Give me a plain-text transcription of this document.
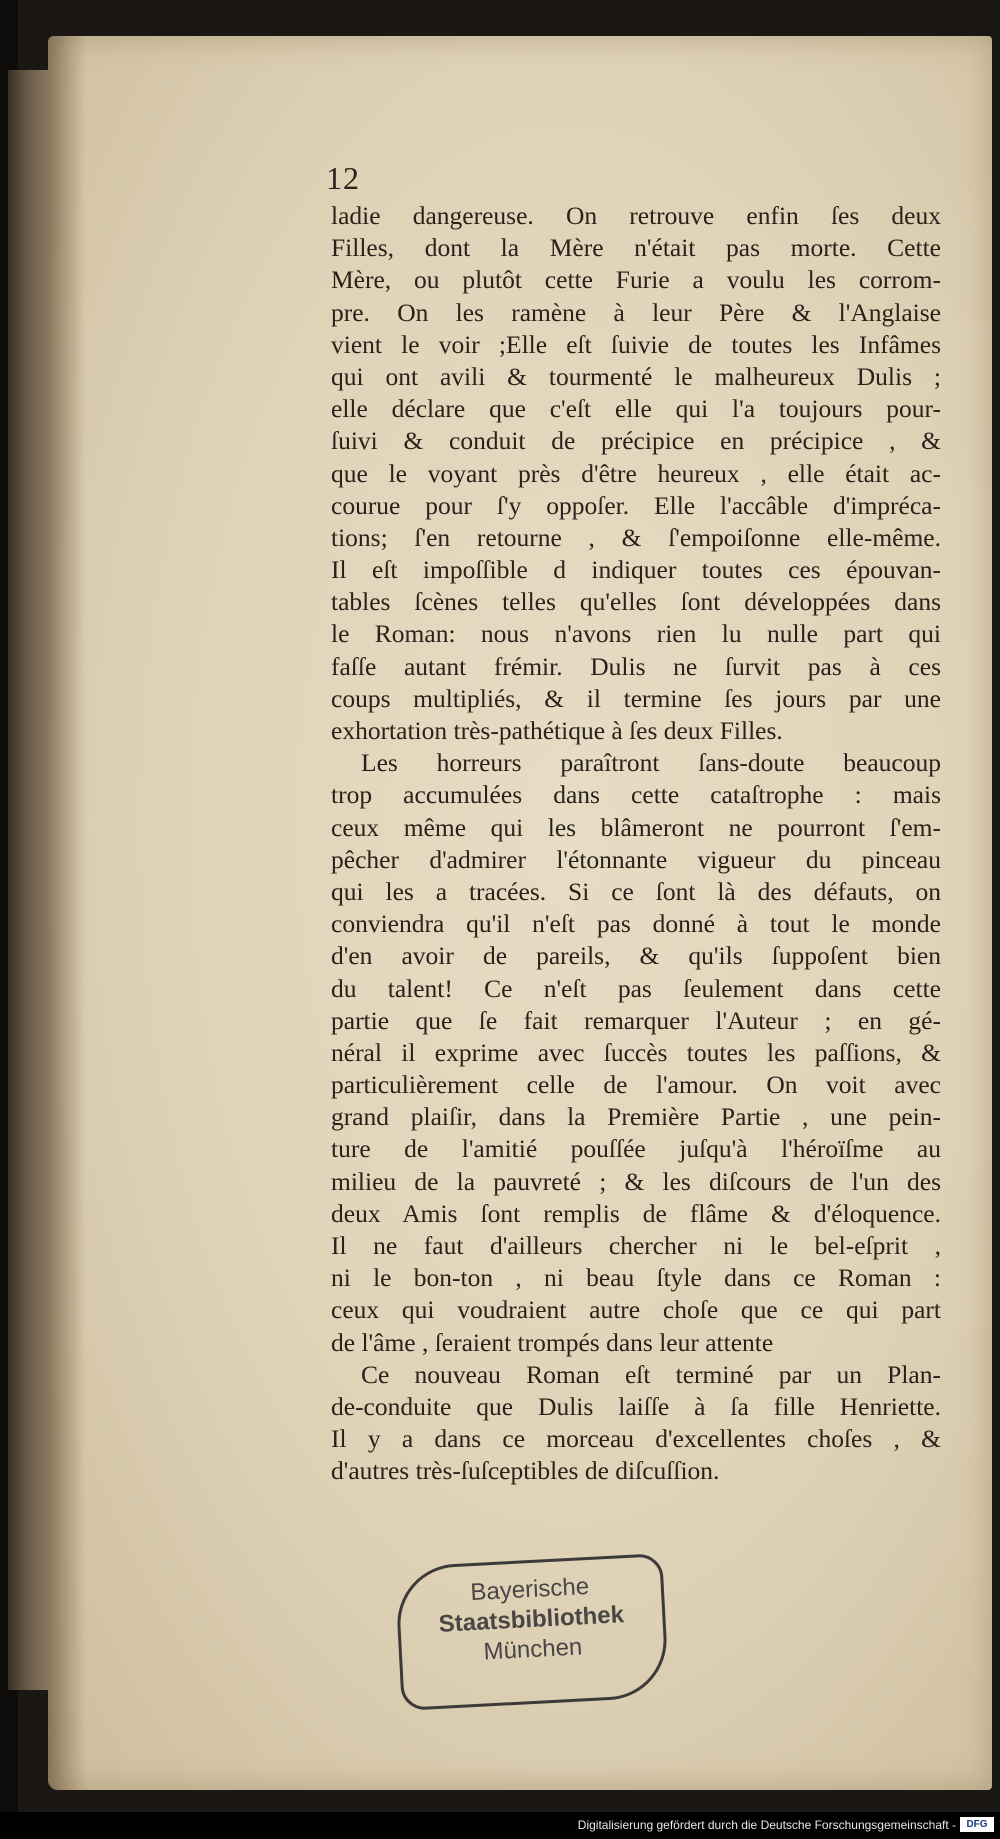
12
ladie dangereuse. On retrouve enfin ſes deux
Filles, dont la Mère n'était pas morte. Cette
Mère, ou plutôt cette Furie a voulu les corrom-
pre. On les ramène à leur Père & l'Anglaise
vient le voir ;Elle eſt ſuivie de toutes les Infâmes
qui ont avili & tourmenté le malheureux Dulis ;
elle déclare que c'eſt elle qui l'a toujours pour-
ſuivi & conduit de précipice en précipice , &
que le voyant près d'être heureux , elle était ac-
courue pour ſ'y oppoſer. Elle l'accâble d'impréca-
tions; ſ'en retourne , & ſ'empoiſonne elle-même.
Il eſt impoſſible d indiquer toutes ces épouvan-
tables ſcènes telles qu'elles ſont développées dans
le Roman: nous n'avons rien lu nulle part qui
faſſe autant frémir. Dulis ne ſurvit pas à ces
coups multipliés, & il termine ſes jours par une
exhortation très-pathétique à ſes deux Filles.
Les horreurs paraîtront ſans-doute beaucoup
trop accumulées dans cette cataſtrophe : mais
ceux même qui les blâmeront ne pourront ſ'em-
pêcher d'admirer l'étonnante vigueur du pinceau
qui les a tracées. Si ce ſont là des défauts, on
conviendra qu'il n'eſt pas donné à tout le monde
d'en avoir de pareils, & qu'ils ſuppoſent bien
du talent! Ce n'eſt pas ſeulement dans cette
partie que ſe fait remarquer l'Auteur ; en gé-
néral il exprime avec ſuccès toutes les paſſions, &
particulièrement celle de l'amour. On voit avec
grand plaiſir, dans la Première Partie , une pein-
ture de l'amitié pouſſée juſqu'à l'héroïſme au
milieu de la pauvreté ; & les diſcours de l'un des
deux Amis ſont remplis de flâme & d'éloquence.
Il ne faut d'ailleurs chercher ni le bel-eſprit ,
ni le bon-ton , ni beau ſtyle dans ce Roman :
ceux qui voudraient autre choſe que ce qui part
de l'âme , ſeraient trompés dans leur attente
Ce nouveau Roman eſt terminé par un Plan-
de-conduite que Dulis laiſſe à ſa fille Henriette.
Il y a dans ce morceau d'excellentes choſes , &
d'autres très-ſuſceptibles de diſcuſſion.
Bayerische
Staatsbibliothek
München
Digitalisierung gefördert durch die Deutsche Forschungsgemeinschaft -	DFG
